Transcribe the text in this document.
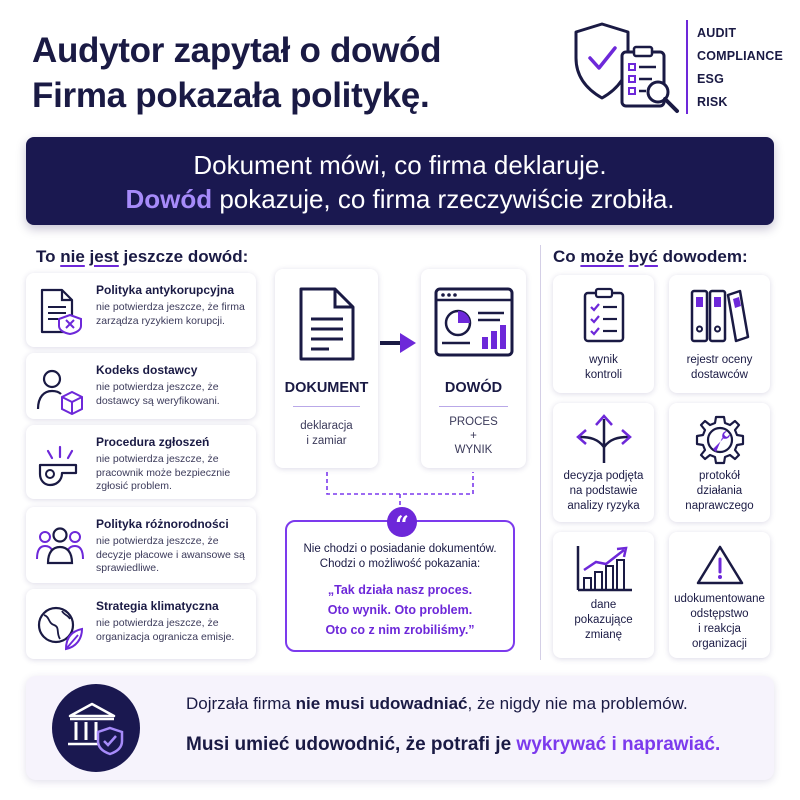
Audytor zapytał o dowód
Firma pokazała politykę.
AUDIT
COMPLIANCE
ESG
RISK
Dokument mówi, co firma deklaruje.
Dowód pokazuje, co firma rzeczywiście zrobiła.
To nie jest jeszcze dowód:
Polityka antykorupcyjna
nie potwierdza jeszcze, że firma zarządza ryzykiem korupcji.
Kodeks dostawcy
nie potwierdza jeszcze, że dostawcy są weryfikowani.
Procedura zgłoszeń
nie potwierdza jeszcze, że pracownik może bezpiecznie zgłosić problem.
Polityka różnorodności
nie potwierdza jeszcze, że decyzje płacowe i awansowe są sprawiedliwe.
Strategia klimatyczna
nie potwierdza jeszcze, że organizacja ogranicza emisje.
DOKUMENT
deklaracja
i zamiar
DOWÓD
PROCES
+
WYNIK
“
Nie chodzi o posiadanie dokumentów.
Chodzi o możliwość pokazania:
„Tak działa nasz proces.
Oto wynik. Oto problem.
Oto co z nim zrobiliśmy.”
Co może być dowodem:
wynik
kontroli
rejestr oceny
dostawców
decyzja podjęta
na podstawie
analizy ryzyka
protokół
działania
naprawczego
dane
pokazujące
zmianę
udokumentowane
odstępstwo
i reakcja
organizacji
Dojrzała firma nie musi udowadniać, że nigdy nie ma problemów.
Musi umieć udowodnić, że potrafi je wykrywać i naprawiać.
